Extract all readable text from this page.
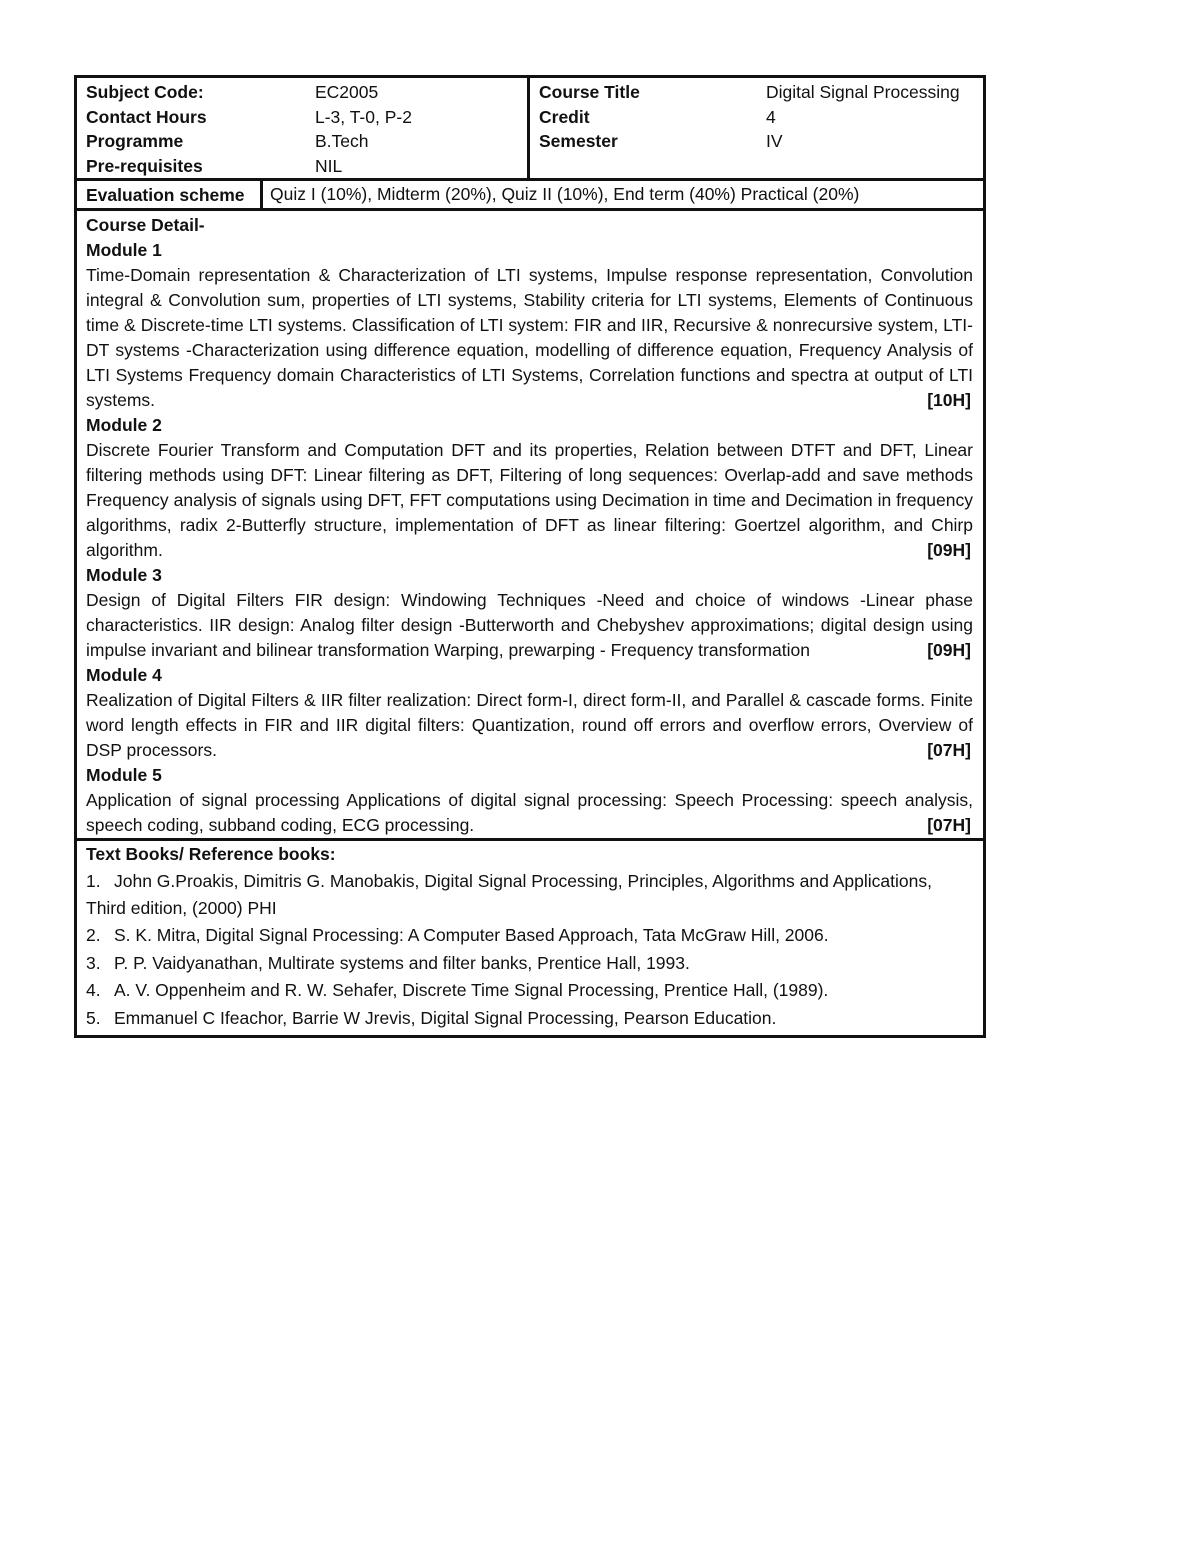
Subject Code:	EC2005
Contact Hours	L-3, T-0, P-2
Programme	B.Tech
Pre-requisites	NIL
Course Title	Digital Signal Processing
Credit	4
Semester	IV
Evaluation scheme	Quiz I (10%), Midterm (20%), Quiz II (10%), End term (40%) Practical (20%)
Course Detail-
Module 1
Time-Domain representation & Characterization of LTI systems, Impulse response representation, Convolution integral & Convolution sum, properties of LTI systems, Stability criteria for LTI systems, Elements of Continuous time & Discrete-time LTI systems. Classification of LTI system: FIR and IIR, Recursive & nonrecursive system, LTI-DT systems -Characterization using difference equation, modelling of difference equation, Frequency Analysis of LTI Systems Frequency domain Characteristics of LTI Systems, Correlation functions and spectra at output of LTI systems.	[10H]
Module 2
Discrete Fourier Transform and Computation DFT and its properties, Relation between DTFT and DFT, Linear filtering methods using DFT: Linear filtering as DFT, Filtering of long sequences: Overlap-add and save methods Frequency analysis of signals using DFT, FFT computations using Decimation in time and Decimation in frequency algorithms, radix 2-Butterfly structure, implementation of DFT as linear filtering: Goertzel algorithm, and Chirp algorithm.	[09H]
Module 3
Design of Digital Filters FIR design: Windowing Techniques -Need and choice of windows -Linear phase characteristics. IIR design: Analog filter design -Butterworth and Chebyshev approximations; digital design using impulse invariant and bilinear transformation Warping, prewarping - Frequency transformation	[09H]
Module 4
Realization of Digital Filters & IIR filter realization: Direct form-I, direct form-II, and Parallel & cascade forms. Finite word length effects in FIR and IIR digital filters: Quantization, round off errors and overflow errors, Overview of DSP processors.	[07H]
Module 5
Application of signal processing Applications of digital signal processing: Speech Processing: speech analysis, speech coding, subband coding, ECG processing.	[07H]
Text Books/ Reference books:
1. John G.Proakis, Dimitris G. Manobakis, Digital Signal Processing, Principles, Algorithms and Applications, Third edition, (2000) PHI
2. S. K. Mitra, Digital Signal Processing: A Computer Based Approach, Tata McGraw Hill, 2006.
3. P. P. Vaidyanathan, Multirate systems and filter banks, Prentice Hall, 1993.
4. A. V. Oppenheim and R. W. Sehafer, Discrete Time Signal Processing, Prentice Hall, (1989).
5. Emmanuel C Ifeachor, Barrie W Jrevis, Digital Signal Processing, Pearson Education.
